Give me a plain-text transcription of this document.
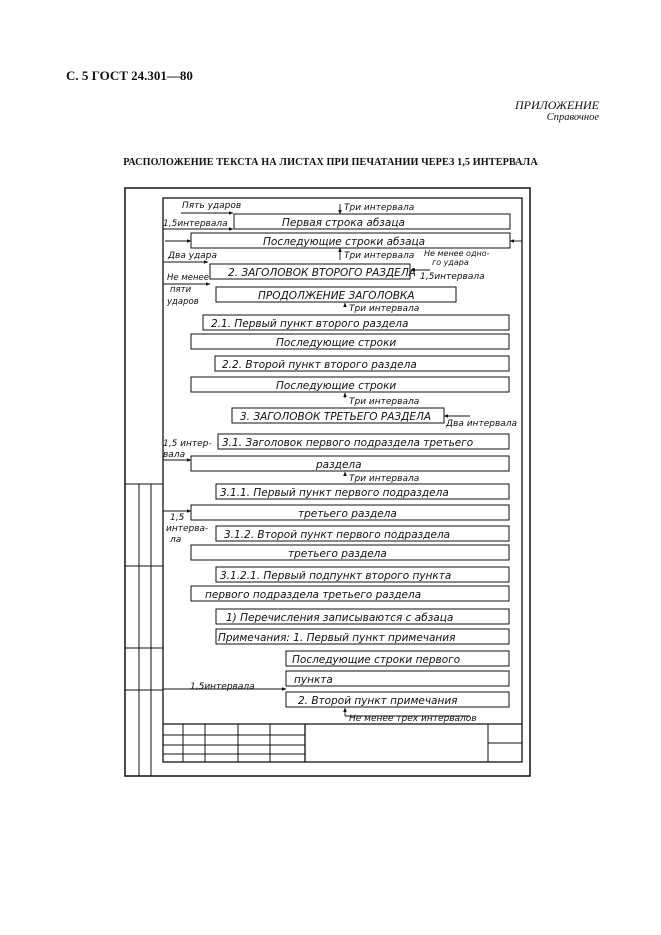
С. 5 ГОСТ 24.301—80
ПРИЛОЖЕНИЕ
Справочное
РАСПОЛОЖЕНИЕ ТЕКСТА НА ЛИСТАХ ПРИ ПЕЧАТАНИИ ЧЕРЕЗ 1,5 ИНТЕРВАЛА
Первая строка абзаца
Последующие строки абзаца
2. ЗАГОЛОВОК ВТОРОГО РАЗДЕЛА
ПРОДОЛЖЕНИЕ ЗАГОЛОВКА
2.1. Первый пункт второго раздела
Последующие строки
2.2. Второй пункт второго раздела
Последующие строки
3. ЗАГОЛОВОК ТРЕТЬЕГО РАЗДЕЛА
3.1. Заголовок первого подраздела третьего
раздела
3.1.1. Первый пункт первого подраздела
третьего раздела
3.1.2. Второй пункт первого подраздела
третьего раздела
3.1.2.1. Первый подпункт второго пункта
первого подраздела третьего раздела
1) Перечисления записываются с абзаца
Примечания: 1. Первый пункт примечания
Последующие строки первого
пункта
2. Второй пункт примечания
Пять ударов	Три интервала
1,5интервала
Два удара	Три интервала Не менее одно-
го удара
1,5интервала
Не менее
пяти
ударов
Три интервала
Три интервала
Два интервала
1,5 интер-
вала
Три интервала
1,5
интерва-
ла
1,5интервала
Не менее трех интервалов
